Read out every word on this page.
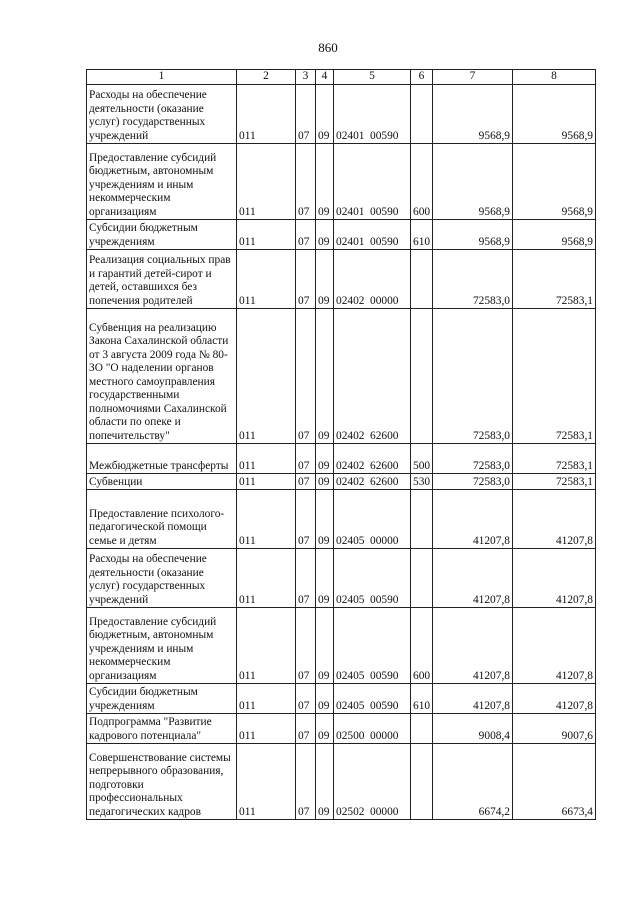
860
1	2	3	4	5	6	7	8

Расходы на обеспечение деятельности (оказание услуг) государственных учреждений	011	07	09	02401 00590		9568,9	9568,9

Предоставление субсидий бюджетным, автономным учреждениям и иным некоммерческим организациям	011	07	09	02401 00590	600	9568,9	9568,9

Субсидии бюджетным учреждениям	011	07	09	02401 00590	610	9568,9	9568,9

Реализация социальных прав и гарантий детей-сирот и детей, оставшихся без попечения родителей	011	07	09	02402 00000		72583,0	72583,1

Субвенция на реализацию Закона Сахалинской области от 3 августа 2009 года № 80-ЗО "О наделении органов местного самоуправления государственными полномочиями Сахалинской области по опеке и попечительству"	011	07	09	02402 62600		72583,0	72583,1

Межбюджетные трансферты	011	07	09	02402 62600	500	72583,0	72583,1

Субвенции	011	07	09	02402 62600	530	72583,0	72583,1

Предоставление психолого-педагогической помощи семье и детям	011	07	09	02405 00000		41207,8	41207,8

Расходы на обеспечение деятельности (оказание услуг) государственных учреждений	011	07	09	02405 00590		41207,8	41207,8

Предоставление субсидий бюджетным, автономным учреждениям и иным некоммерческим организациям	011	07	09	02405 00590	600	41207,8	41207,8

Субсидии бюджетным учреждениям	011	07	09	02405 00590	610	41207,8	41207,8

Подпрограмма "Развитие кадрового потенциала"	011	07	09	02500 00000		9008,4	9007,6

Совершенствование системы непрерывного образования, подготовки профессиональных педагогических кадров	011	07	09	02502 00000		6674,2	6673,4
